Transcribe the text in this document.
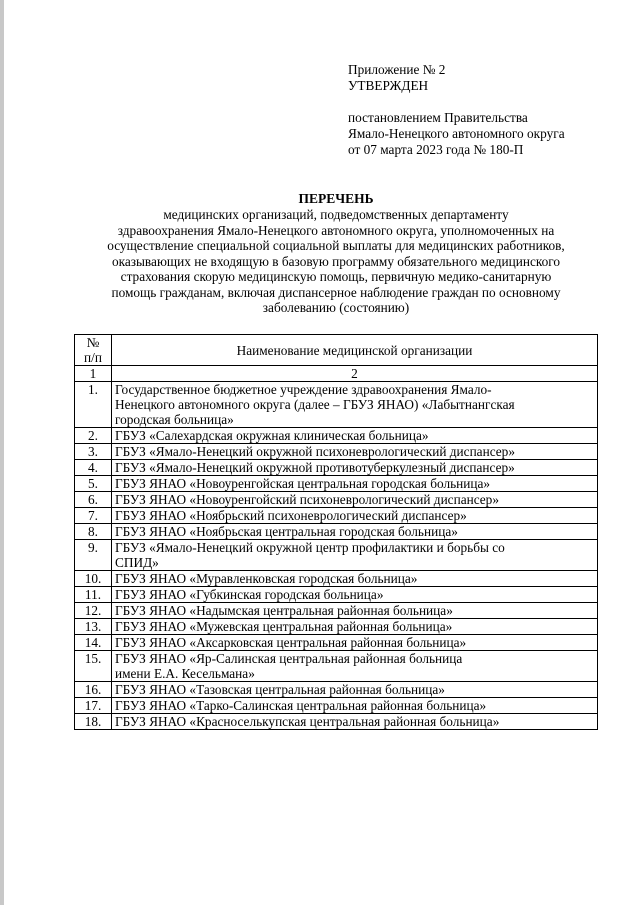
Приложение № 2
УТВЕРЖДЕН
постановлением Правительства
Ямало-Ненецкого автономного округа
от 07 марта 2023 года № 180-П
ПЕРЕЧЕНЬ
медицинских организаций, подведомственных департаменту
здравоохранения Ямало-Ненецкого автономного округа, уполномоченных на
осуществление специальной социальной выплаты для медицинских работников,
оказывающих не входящую в базовую программу обязательного медицинского
страхования скорую медицинскую помощь, первичную медико-санитарную
помощь гражданам, включая диспансерное наблюдение граждан по основному
заболеванию (состоянию)
№
п/п	Наименование медицинской организации
1	2
1.	Государственное бюджетное учреждение здравоохранения Ямало-
Ненецкого автономного округа (далее – ГБУЗ ЯНАО) «Лабытнангская
городская больница»

2.	ГБУЗ «Салехардская окружная клиническая больница»

3.	ГБУЗ «Ямало-Ненецкий окружной психоневрологический диспансер»

4.	ГБУЗ «Ямало-Ненецкий окружной противотуберкулезный диспансер»

5.	ГБУЗ ЯНАО «Новоуренгойская центральная городская больница»

6.	ГБУЗ ЯНАО «Новоуренгойский психоневрологический диспансер»

7.	ГБУЗ ЯНАО «Ноябрьский психоневрологический диспансер»

8.	ГБУЗ ЯНАО «Ноябрьская центральная городская больница»

9.	ГБУЗ «Ямало-Ненецкий окружной центр профилактики и борьбы со
СПИД»

10.	ГБУЗ ЯНАО «Муравленковская городская больница»

11.	ГБУЗ ЯНАО «Губкинская городская больница»

12.	ГБУЗ ЯНАО «Надымская центральная районная больница»

13.	ГБУЗ ЯНАО «Мужевская центральная районная больница»

14.	ГБУЗ ЯНАО «Аксарковская центральная районная больница»

15.	ГБУЗ ЯНАО «Яр-Салинская центральная районная больница
имени Е.А. Кесельмана»

16.	ГБУЗ ЯНАО «Тазовская центральная районная больница»

17.	ГБУЗ ЯНАО «Тарко-Салинская центральная районная больница»

18.	ГБУЗ ЯНАО «Красноселькупская центральная районная больница»
